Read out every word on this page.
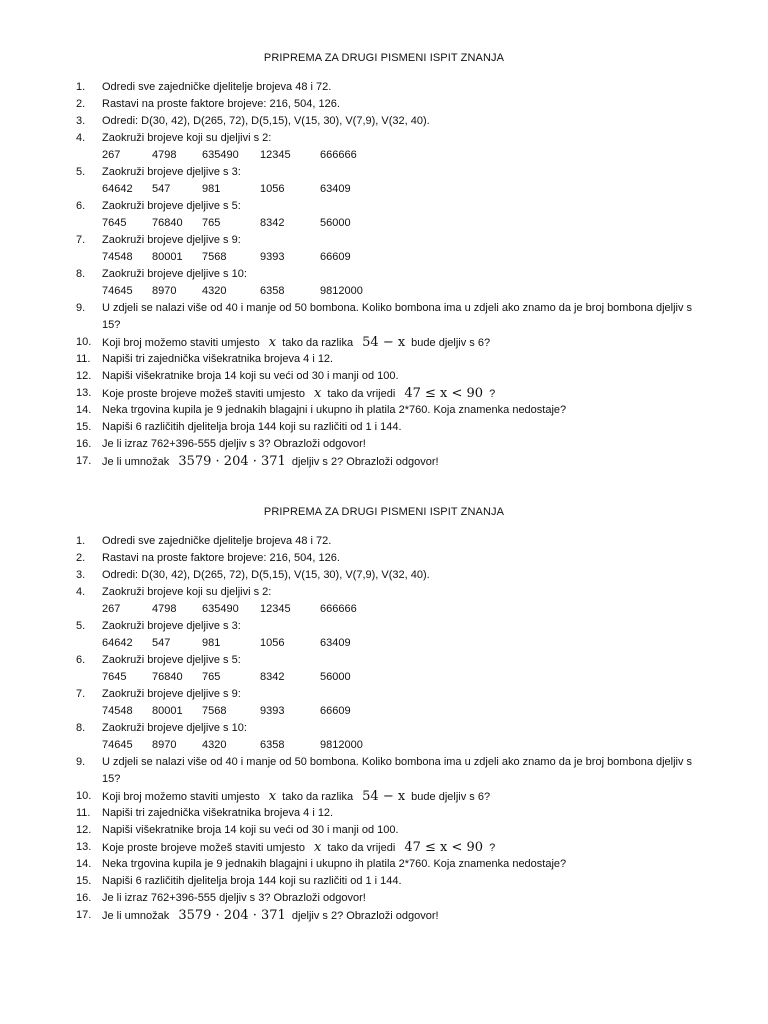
PRIPREMA ZA DRUGI PISMENI ISPIT ZNANJA
1.	Odredi sve zajedničke djelitelje brojeva 48 i 72.
2.	Rastavi na proste faktore brojeve: 216, 504, 126.
3.	Odredi: D(30, 42), D(265, 72), D(5,15), V(15, 30), V(7,9), V(32, 40).
4.	Zaokruži brojeve koji su djeljivi s 2:
267	4798 635490 12345	666666
5.	Zaokruži brojeve djeljive s 3:
64642 547	981	1056	63409
6.	Zaokruži brojeve djeljive s 5:
7645 76840 765	8342	56000
7.	Zaokruži brojeve djeljive s 9:
74548 80001 7568	9393	66609
8.	Zaokruži brojeve djeljive s 10:
74645 8970 4320	6358	9812000
9.	U zdjeli se nalazi više od 40 i manje od 50 bombona. Koliko bombona ima u zdjeli ako znamo da je broj bombona djeljiv s 15?
10. Koji broj možemo staviti umjesto x tako da razlika 54 − x bude djeljiv s 6?
11.	Napiši tri zajednička višekratnika brojeva 4 i 12.
12. Napiši višekratnike broja 14 koji su veći od 30 i manji od 100.
13. Koje proste brojeve možeš staviti umjesto x tako da vrijedi 47 ≤ x < 90 ?
14. Neka trgovina kupila je 9 jednakih blagajni i ukupno ih platila 2*760. Koja znamenka nedostaje?
15. Napiši 6 različitih djelitelja broja 144 koji su različiti od 1 i 144.
16. Je li izraz 762+396-555 djeljiv s 3? Obrazloži odgovor!
17. Je li umnožak 3579 · 204 · 371 djeljiv s 2? Obrazloži odgovor!
PRIPREMA ZA DRUGI PISMENI ISPIT ZNANJA
1.	Odredi sve zajedničke djelitelje brojeva 48 i 72.
2.	Rastavi na proste faktore brojeve: 216, 504, 126.
3.	Odredi: D(30, 42), D(265, 72), D(5,15), V(15, 30), V(7,9), V(32, 40).
4.	Zaokruži brojeve koji su djeljivi s 2:
267	4798 635490 12345	666666
5.	Zaokruži brojeve djeljive s 3:
64642 547	981	1056	63409
6.	Zaokruži brojeve djeljive s 5:
7645 76840 765	8342	56000
7.	Zaokruži brojeve djeljive s 9:
74548 80001 7568	9393	66609
8.	Zaokruži brojeve djeljive s 10:
74645 8970 4320	6358	9812000
9.	U zdjeli se nalazi više od 40 i manje od 50 bombona. Koliko bombona ima u zdjeli ako znamo da je broj bombona djeljiv s 15?
10. Koji broj možemo staviti umjesto x tako da razlika 54 − x bude djeljiv s 6?
11.	Napiši tri zajednička višekratnika brojeva 4 i 12.
12. Napiši višekratnike broja 14 koji su veći od 30 i manji od 100.
13. Koje proste brojeve možeš staviti umjesto x tako da vrijedi 47 ≤ x < 90 ?
14. Neka trgovina kupila je 9 jednakih blagajni i ukupno ih platila 2*760. Koja znamenka nedostaje?
15. Napiši 6 različitih djelitelja broja 144 koji su različiti od 1 i 144.
16. Je li izraz 762+396-555 djeljiv s 3? Obrazloži odgovor!
17. Je li umnožak 3579 · 204 · 371 djeljiv s 2? Obrazloži odgovor!
